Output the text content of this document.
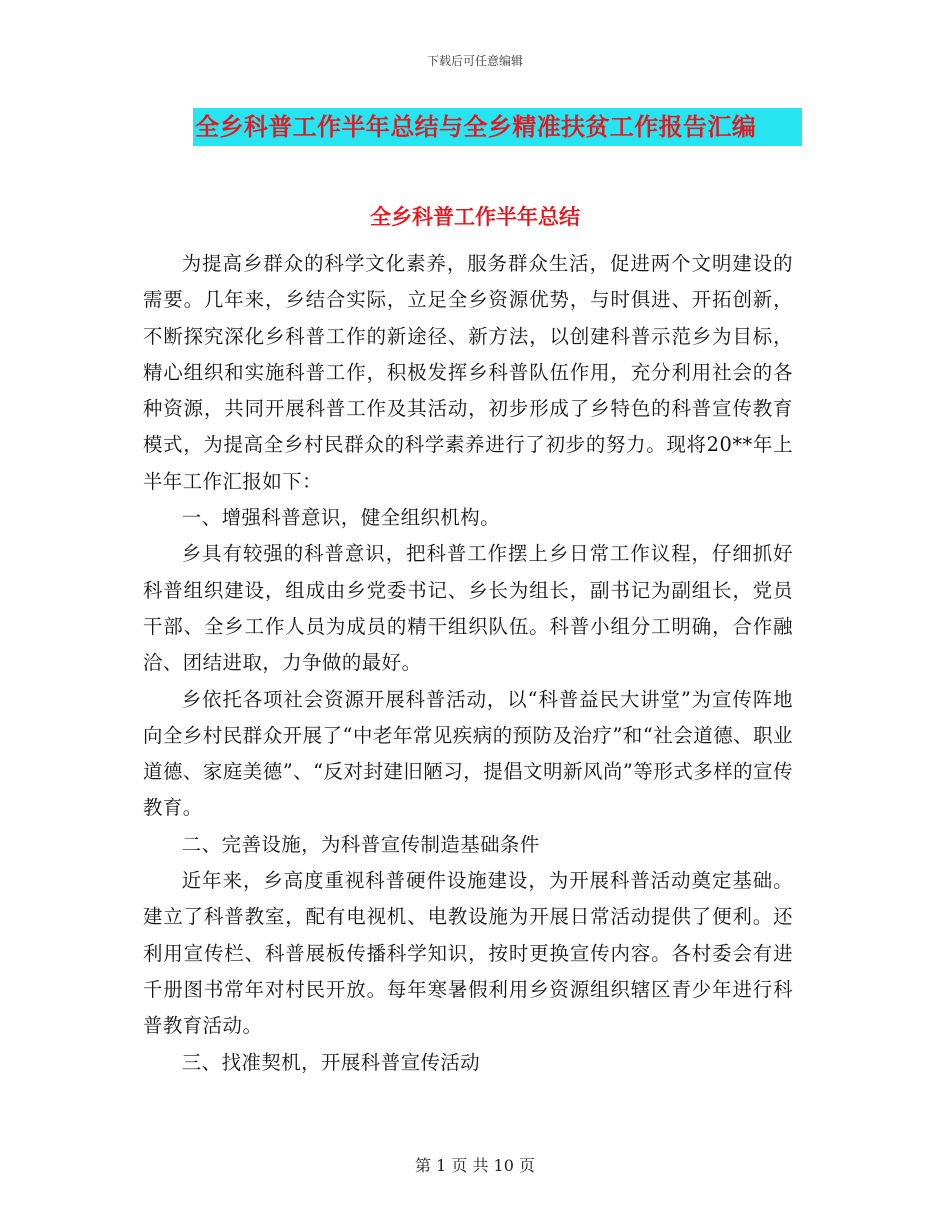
下载后可任意编辑
全乡科普工作半年总结与全乡精准扶贫工作报告汇编
全乡科普工作半年总结

为提高乡群众的科学文化素养，服务群众生活，促进两个文明建设的需要。几年来，乡结合实际，立足全乡资源优势，与时俱进、开拓创新，不断探究深化乡科普工作的新途径、新方法，以创建科普示范乡为目标，精心组织和实施科普工作，积极发挥乡科普队伍作用，充分利用社会的各种资源，共同开展科普工作及其活动，初步形成了乡特色的科普宣传教育模式，为提高全乡村民群众的科学素养进行了初步的努力。现将20**年上半年工作汇报如下：

一、增强科普意识，健全组织机构。

乡具有较强的科普意识，把科普工作摆上乡日常工作议程，仔细抓好科普组织建设，组成由乡党委书记、乡长为组长，副书记为副组长，党员干部、全乡工作人员为成员的精干组织队伍。科普小组分工明确，合作融洽、团结进取，力争做的最好。

乡依托各项社会资源开展科普活动，以“科普益民大讲堂”为宣传阵地向全乡村民群众开展了“中老年常见疾病的预防及治疗”和“社会道德、职业道德、家庭美德”、“反对封建旧陋习，提倡文明新风尚”等形式多样的宣传教育。

二、完善设施，为科普宣传制造基础条件

近年来，乡高度重视科普硬件设施建设，为开展科普活动奠定基础。建立了科普教室，配有电视机、电教设施为开展日常活动提供了便利。还利用宣传栏、科普展板传播科学知识，按时更换宣传内容。各村委会有进千册图书常年对村民开放。每年寒暑假利用乡资源组织辖区青少年进行科普教育活动。

三、找准契机，开展科普宣传活动

第 1 页 共 10 页
